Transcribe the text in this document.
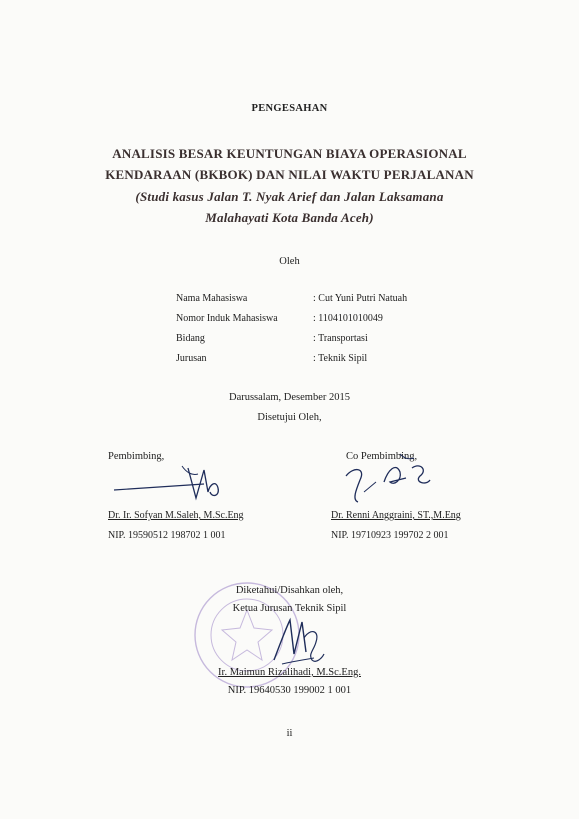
PENGESAHAN
ANALISIS BESAR KEUNTUNGAN BIAYA OPERASIONAL
KENDARAAN (BKBOK) DAN NILAI WAKTU PERJALANAN
(Studi kasus Jalan T. Nyak Arief dan Jalan Laksamana
Malahayati Kota Banda Aceh)
Oleh
Nama Mahasiswa	: Cut Yuni Putri Natuah
Nomor Induk Mahasiswa	: 1104101010049
Bidang	: Transportasi
Jurusan	: Teknik Sipil
Darussalam, Desember 2015
Disetujui Oleh,
Pembimbing,	Co Pembimbing,
Dr. Ir. Sofyan M.Saleh, M.Sc.Eng
NIP. 19590512 198702 1 001
Dr. Renni Anggraini, ST.,M.Eng
NIP. 19710923 199702 2 001
Diketahui/Disahkan oleh,
Ketua Jurusan Teknik Sipil
Ir. Maimun Rizalihadi, M.Sc.Eng.
NIP. 19640530 199002 1 001
ii
